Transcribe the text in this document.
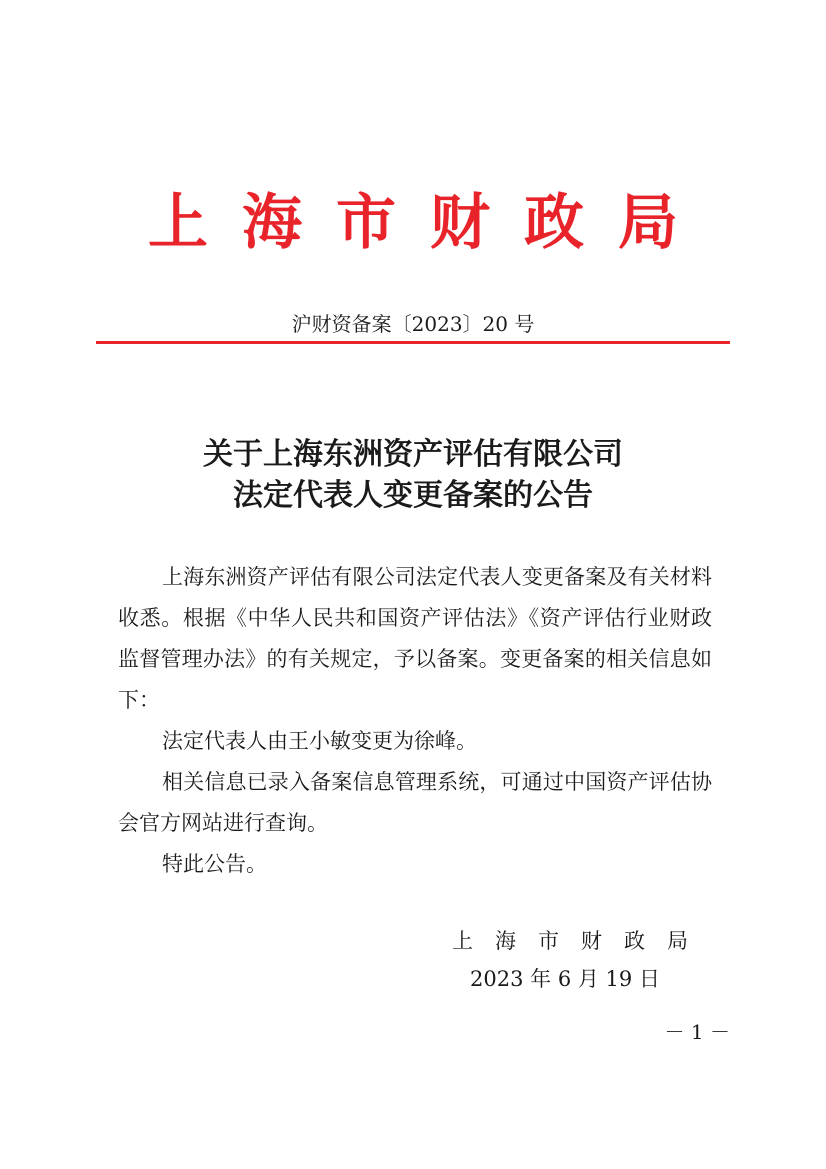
上海市财政局
沪财资备案〔2023〕20 号
关于上海东洲资产评估有限公司
法定代表人变更备案的公告

上海东洲资产评估有限公司法定代表人变更备案及有关材料收悉。根据《中华人民共和国资产评估法》《资产评估行业财政监督管理办法》的有关规定，予以备案。变更备案的相关信息如下：

法定代表人由王小敏变更为徐峰。

相关信息已录入备案信息管理系统，可通过中国资产评估协会官方网站进行查询。

特此公告。

上海市财政局
2023 年 6 月 19 日
－ 1 －
